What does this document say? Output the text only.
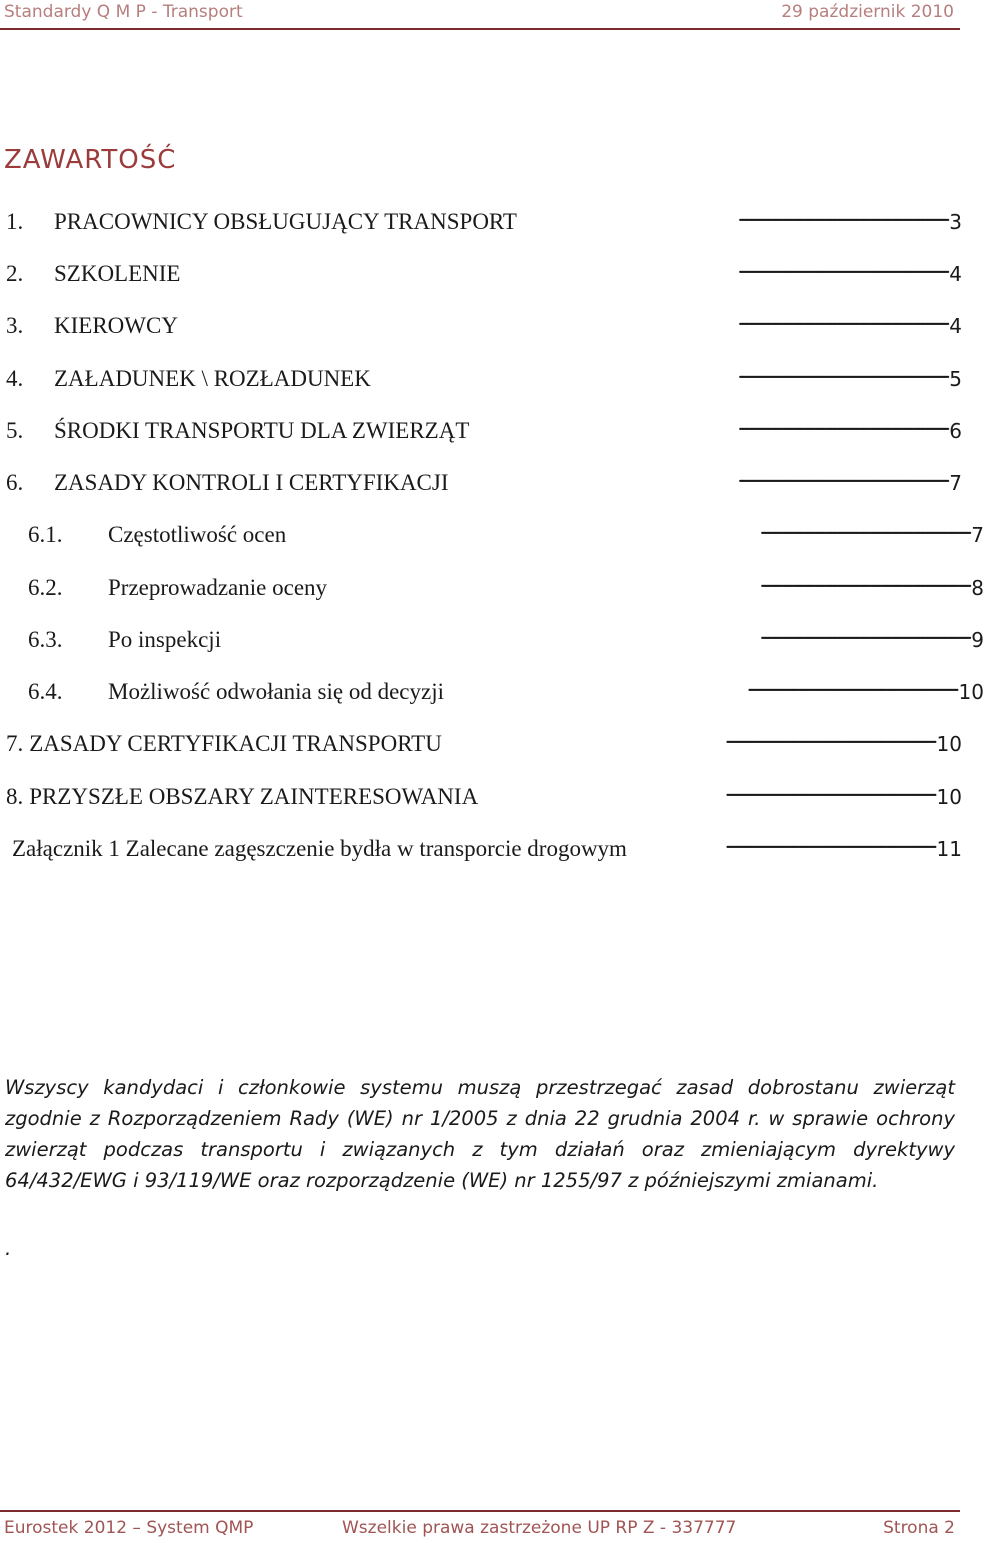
Standardy Q M P - Transport	29 październik 2010
ZAWARTOŚĆ
1.	PRACOWNICY OBSŁUGUJĄCY TRANSPORT . . .	3
2.	SZKOLENIE . . .	4
3.	KIEROWCY . . .	4
4.	ZAŁADUNEK \ ROZŁADUNEK . . .	5
5.	ŚRODKI TRANSPORTU DLA ZWIERZĄT . . .	6
6.	ZASADY KONTROLI I CERTYFIKACJI . . .	7
6.1.	Częstotliwość ocen . . .	7
6.2.	Przeprowadzanie oceny . . .	8
6.3.	Po inspekcji . . .	9
6.4.	Możliwość odwołania się od decyzji . . .	10
7. ZASADY CERTYFIKACJI TRANSPORTU . . .	10
8. PRZYSZŁE OBSZARY ZAINTERESOWANIA . . .	10
Załącznik 1 Zalecane zagęszczenie bydła w transporcie drogowym . . .	11

Wszyscy kandydaci i członkowie systemu muszą przestrzegać zasad dobrostanu zwierząt zgodnie z Rozporządzeniem Rady (WE) nr 1/2005 z dnia 22 grudnia 2004 r. w sprawie ochrony zwierząt podczas transportu i związanych z tym działań oraz zmieniającym dyrektywy 64/432/EWG i 93/119/WE oraz rozporządzenie (WE) nr 1255/97 z późniejszymi zmianami.

.
Eurostek 2012 – System QMP	Wszelkie prawa zastrzeżone UP RP Z - 337777	Strona 2
